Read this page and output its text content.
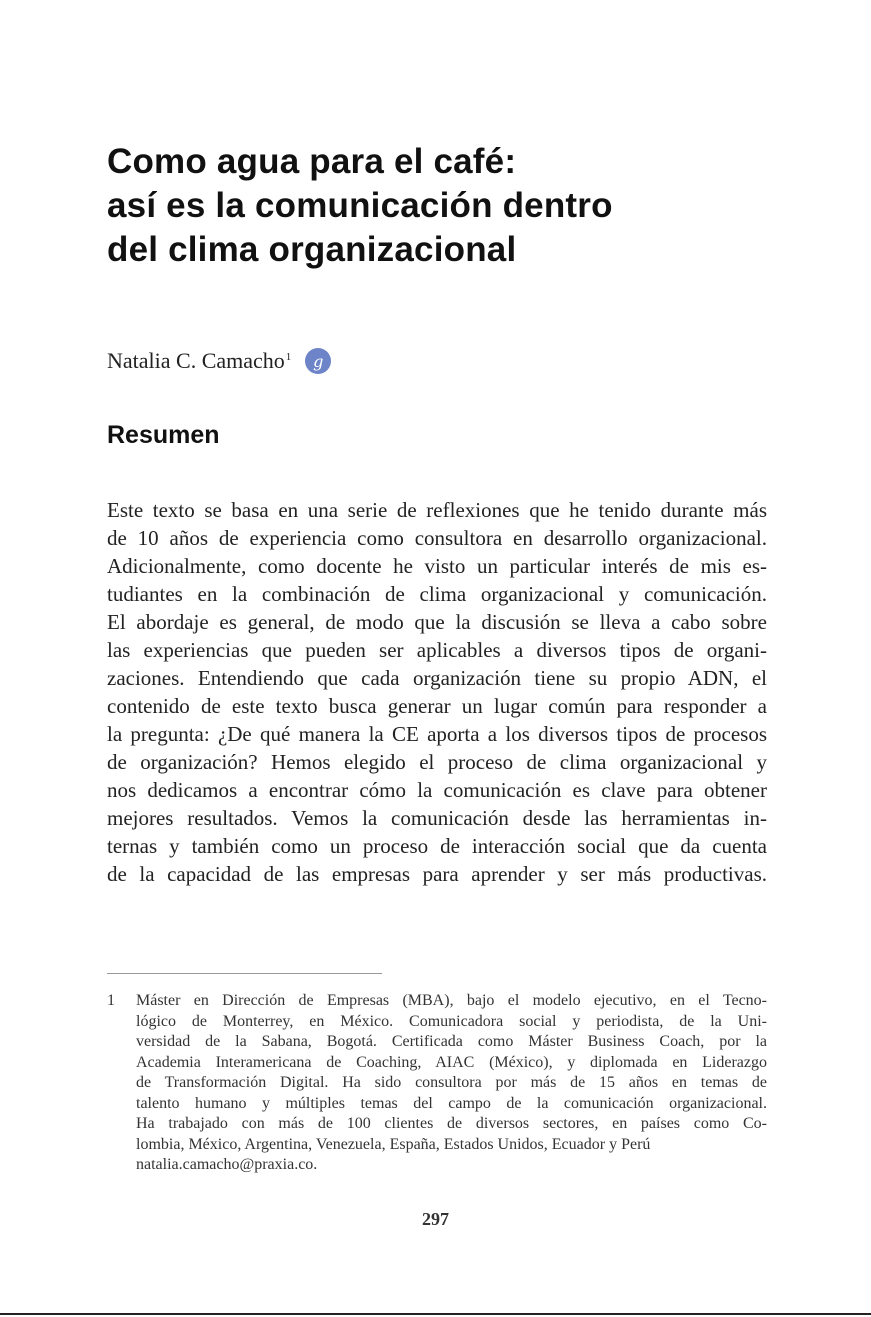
Como agua para el café:
así es la comunicación dentro
del clima organizacional
Natalia C. Camacho$^1$ g
Resumen
Este texto se basa en una serie de reflexiones que he tenido durante más
de 10 años de experiencia como consultora en desarrollo organizacional.
Adicionalmente, como docente he visto un particular interés de mis es-
tudiantes en la combinación de clima organizacional y comunicación.
El abordaje es general, de modo que la discusión se lleva a cabo sobre
las experiencias que pueden ser aplicables a diversos tipos de organi-
zaciones. Entendiendo que cada organización tiene su propio ADN, el
contenido de este texto busca generar un lugar común para responder a
la pregunta: ¿De qué manera la CE aporta a los diversos tipos de procesos
de organización? Hemos elegido el proceso de clima organizacional y
nos dedicamos a encontrar cómo la comunicación es clave para obtener
mejores resultados. Vemos la comunicación desde las herramientas in-
ternas y también como un proceso de interacción social que da cuenta
de la capacidad de las empresas para aprender y ser más productivas.
1 Máster en Dirección de Empresas (MBA), bajo el modelo ejecutivo, en el Tecno-
lógico de Monterrey, en México. Comunicadora social y periodista, de la Uni-
versidad de la Sabana, Bogotá. Certificada como Máster Business Coach, por la
Academia Interamericana de Coaching, AIAC (México), y diplomada en Liderazgo
de Transformación Digital. Ha sido consultora por más de 15 años en temas de
talento humano y múltiples temas del campo de la comunicación organizacional.
Ha trabajado con más de 100 clientes de diversos sectores, en países como Co-
lombia, México, Argentina, Venezuela, España, Estados Unidos, Ecuador y Perú
natalia.camacho@praxia.co.
297
